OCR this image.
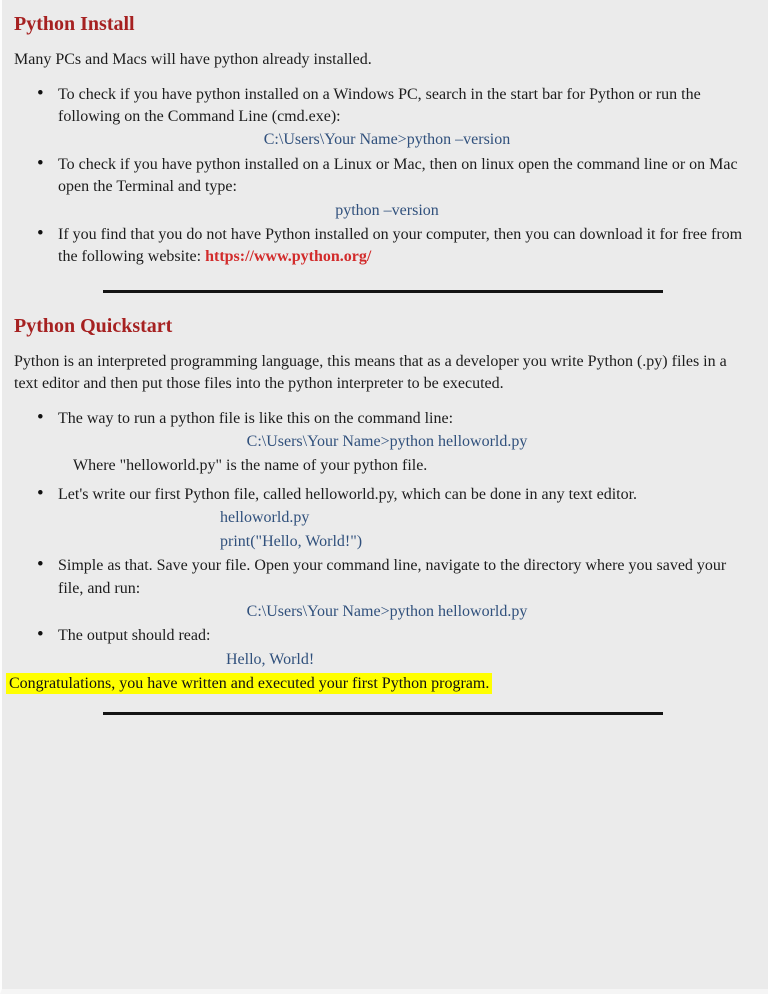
Python Install

Many PCs and Macs will have python already installed.

• To check if you have python installed on a Windows PC, search in the start bar for Python or run the following on the Command Line (cmd.exe):
C:\Users\Your Name>python –version
• To check if you have python installed on a Linux or Mac, then on linux open the command line or on Mac open the Terminal and type:
python –version
• If you find that you do not have Python installed on your computer, then you can download it for free from the following website: https://www.python.org/
Python Quickstart

Python is an interpreted programming language, this means that as a developer you write Python (.py) files in a text editor and then put those files into the python interpreter to be executed.

• The way to run a python file is like this on the command line:
C:\Users\Your Name>python helloworld.py
Where "helloworld.py" is the name of your python file.
• Let's write our first Python file, called helloworld.py, which can be done in any text editor.
helloworld.py
print("Hello, World!")
• Simple as that. Save your file. Open your command line, navigate to the directory where you saved your file, and run:
C:\Users\Your Name>python helloworld.py
• The output should read:
Hello, World!

Congratulations, you have written and executed your first Python program.
